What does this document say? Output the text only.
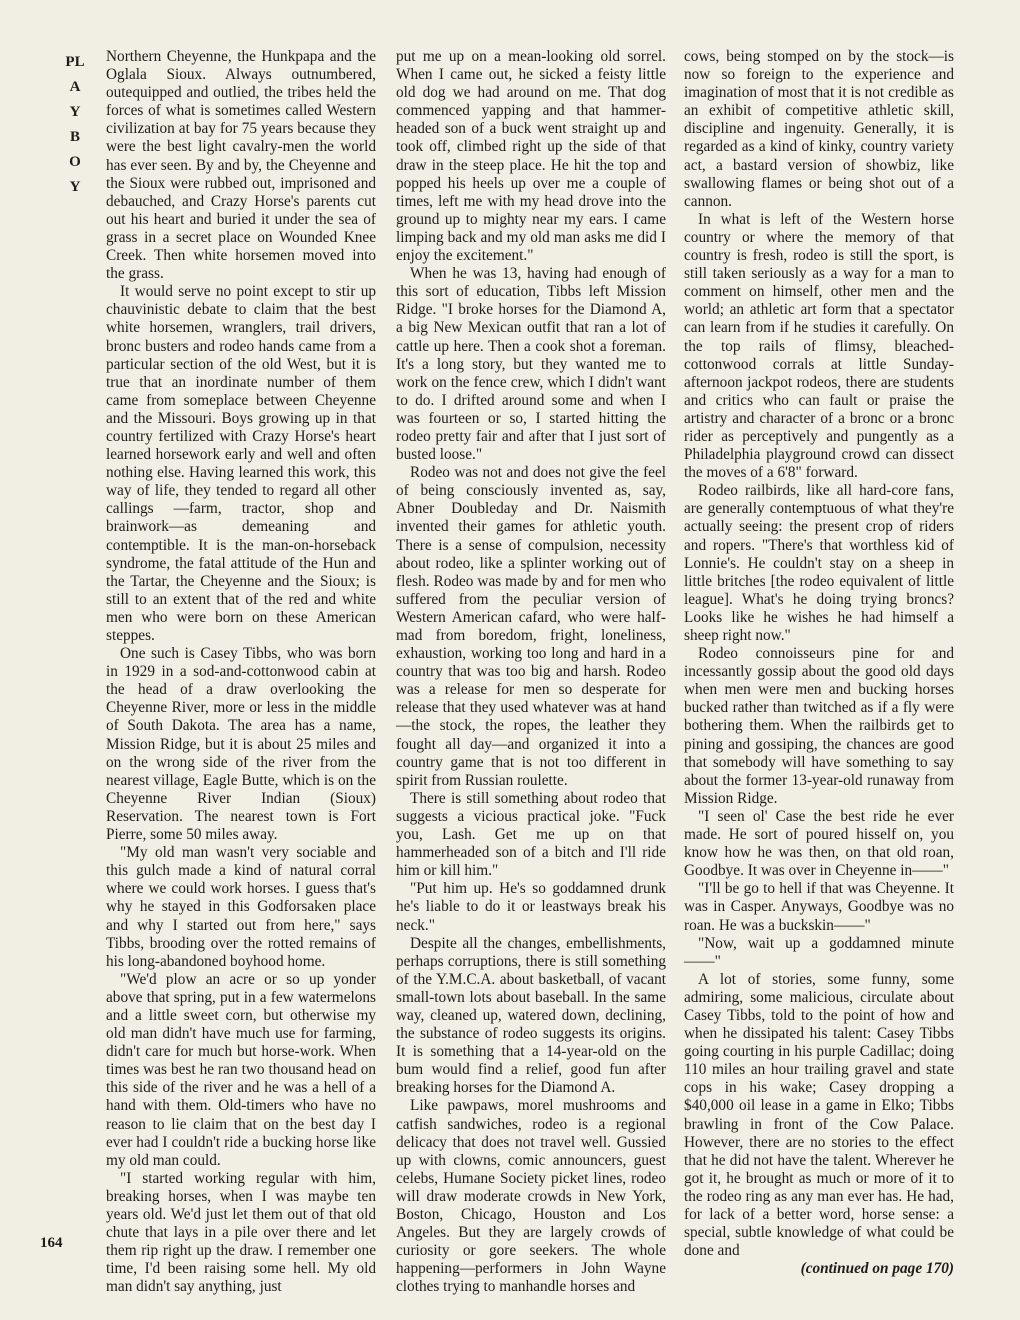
PLAYBOY
164

Northern Cheyenne, the Hunkpapa and the Oglala Sioux. Always outnumbered, outequipped and outlied, the tribes held the forces of what is sometimes called Western civilization at bay for 75 years because they were the best light cavalry-men the world has ever seen. By and by, the Cheyenne and the Sioux were rubbed out, imprisoned and debauched, and Crazy Horse's parents cut out his heart and buried it under the sea of grass in a secret place on Wounded Knee Creek. Then white horsemen moved into the grass.

It would serve no point except to stir up chauvinistic debate to claim that the best white horsemen, wranglers, trail drivers, bronc busters and rodeo hands came from a particular section of the old West, but it is true that an inordinate number of them came from someplace between Cheyenne and the Missouri. Boys growing up in that country fertilized with Crazy Horse's heart learned horsework early and well and often nothing else. Having learned this work, this way of life, they tended to regard all other callings —farm, tractor, shop and brainwork—as demeaning and contemptible. It is the man-on-horseback syndrome, the fatal attitude of the Hun and the Tartar, the Cheyenne and the Sioux; is still to an extent that of the red and white men who were born on these American steppes.

One such is Casey Tibbs, who was born in 1929 in a sod-and-cottonwood cabin at the head of a draw overlooking the Cheyenne River, more or less in the middle of South Dakota. The area has a name, Mission Ridge, but it is about 25 miles and on the wrong side of the river from the nearest village, Eagle Butte, which is on the Cheyenne River Indian (Sioux) Reservation. The nearest town is Fort Pierre, some 50 miles away.

"My old man wasn't very sociable and this gulch made a kind of natural corral where we could work horses. I guess that's why he stayed in this Godforsaken place and why I started out from here," says Tibbs, brooding over the rotted remains of his long-abandoned boyhood home.

"We'd plow an acre or so up yonder above that spring, put in a few watermelons and a little sweet corn, but otherwise my old man didn't have much use for farming, didn't care for much but horse-work. When times was best he ran two thousand head on this side of the river and he was a hell of a hand with them. Old-timers who have no reason to lie claim that on the best day I ever had I couldn't ride a bucking horse like my old man could.

"I started working regular with him, breaking horses, when I was maybe ten years old. We'd just let them out of that old chute that lays in a pile over there and let them rip right up the draw. I remember one time, I'd been raising some hell. My old man didn't say anything, just

put me up on a mean-looking old sorrel. When I came out, he sicked a feisty little old dog we had around on me. That dog commenced yapping and that hammer-headed son of a buck went straight up and took off, climbed right up the side of that draw in the steep place. He hit the top and popped his heels up over me a couple of times, left me with my head drove into the ground up to mighty near my ears. I came limping back and my old man asks me did I enjoy the excitement."

When he was 13, having had enough of this sort of education, Tibbs left Mission Ridge. "I broke horses for the Diamond A, a big New Mexican outfit that ran a lot of cattle up here. Then a cook shot a foreman. It's a long story, but they wanted me to work on the fence crew, which I didn't want to do. I drifted around some and when I was fourteen or so, I started hitting the rodeo pretty fair and after that I just sort of busted loose."

Rodeo was not and does not give the feel of being consciously invented as, say, Abner Doubleday and Dr. Naismith invented their games for athletic youth. There is a sense of compulsion, necessity about rodeo, like a splinter working out of flesh. Rodeo was made by and for men who suffered from the peculiar version of Western American cafard, who were half-mad from boredom, fright, loneliness, exhaustion, working too long and hard in a country that was too big and harsh. Rodeo was a release for men so desperate for release that they used whatever was at hand—the stock, the ropes, the leather they fought all day—and organized it into a country game that is not too different in spirit from Russian roulette.

There is still something about rodeo that suggests a vicious practical joke. "Fuck you, Lash. Get me up on that hammerheaded son of a bitch and I'll ride him or kill him."

"Put him up. He's so goddamned drunk he's liable to do it or leastways break his neck."

Despite all the changes, embellishments, perhaps corruptions, there is still something of the Y.M.C.A. about basketball, of vacant small-town lots about baseball. In the same way, cleaned up, watered down, declining, the substance of rodeo suggests its origins. It is something that a 14-year-old on the bum would find a relief, good fun after breaking horses for the Diamond A.

Like pawpaws, morel mushrooms and catfish sandwiches, rodeo is a regional delicacy that does not travel well. Gussied up with clowns, comic announcers, guest celebs, Humane Society picket lines, rodeo will draw moderate crowds in New York, Boston, Chicago, Houston and Los Angeles. But they are largely crowds of curiosity or gore seekers. The whole happening—performers in John Wayne clothes trying to manhandle horses and

cows, being stomped on by the stock—is now so foreign to the experience and imagination of most that it is not credible as an exhibit of competitive athletic skill, discipline and ingenuity. Generally, it is regarded as a kind of kinky, country variety act, a bastard version of showbiz, like swallowing flames or being shot out of a cannon.

In what is left of the Western horse country or where the memory of that country is fresh, rodeo is still the sport, is still taken seriously as a way for a man to comment on himself, other men and the world; an athletic art form that a spectator can learn from if he studies it carefully. On the top rails of flimsy, bleached-cottonwood corrals at little Sunday-afternoon jackpot rodeos, there are students and critics who can fault or praise the artistry and character of a bronc or a bronc rider as perceptively and pungently as a Philadelphia playground crowd can dissect the moves of a 6'8" forward.

Rodeo railbirds, like all hard-core fans, are generally contemptuous of what they're actually seeing: the present crop of riders and ropers. "There's that worthless kid of Lonnie's. He couldn't stay on a sheep in little britches [the rodeo equivalent of little league]. What's he doing trying broncs? Looks like he wishes he had himself a sheep right now."

Rodeo connoisseurs pine for and incessantly gossip about the good old days when men were men and bucking horses bucked rather than twitched as if a fly were bothering them. When the railbirds get to pining and gossiping, the chances are good that somebody will have something to say about the former 13-year-old runaway from Mission Ridge.

"I seen ol' Case the best ride he ever made. He sort of poured hisself on, you know how he was then, on that old roan, Goodbye. It was over in Cheyenne in——"

"I'll be go to hell if that was Cheyenne. It was in Casper. Anyways, Goodbye was no roan. He was a buckskin——"

"Now, wait up a goddamned minute——"

A lot of stories, some funny, some admiring, some malicious, circulate about Casey Tibbs, told to the point of how and when he dissipated his talent: Casey Tibbs going courting in his purple Cadillac; doing 110 miles an hour trailing gravel and state cops in his wake; Casey dropping a $40,000 oil lease in a game in Elko; Tibbs brawling in front of the Cow Palace. However, there are no stories to the effect that he did not have the talent. Wherever he got it, he brought as much or more of it to the rodeo ring as any man ever has. He had, for lack of a better word, horse sense: a special, subtle knowledge of what could be done and

(continued on page 170)
